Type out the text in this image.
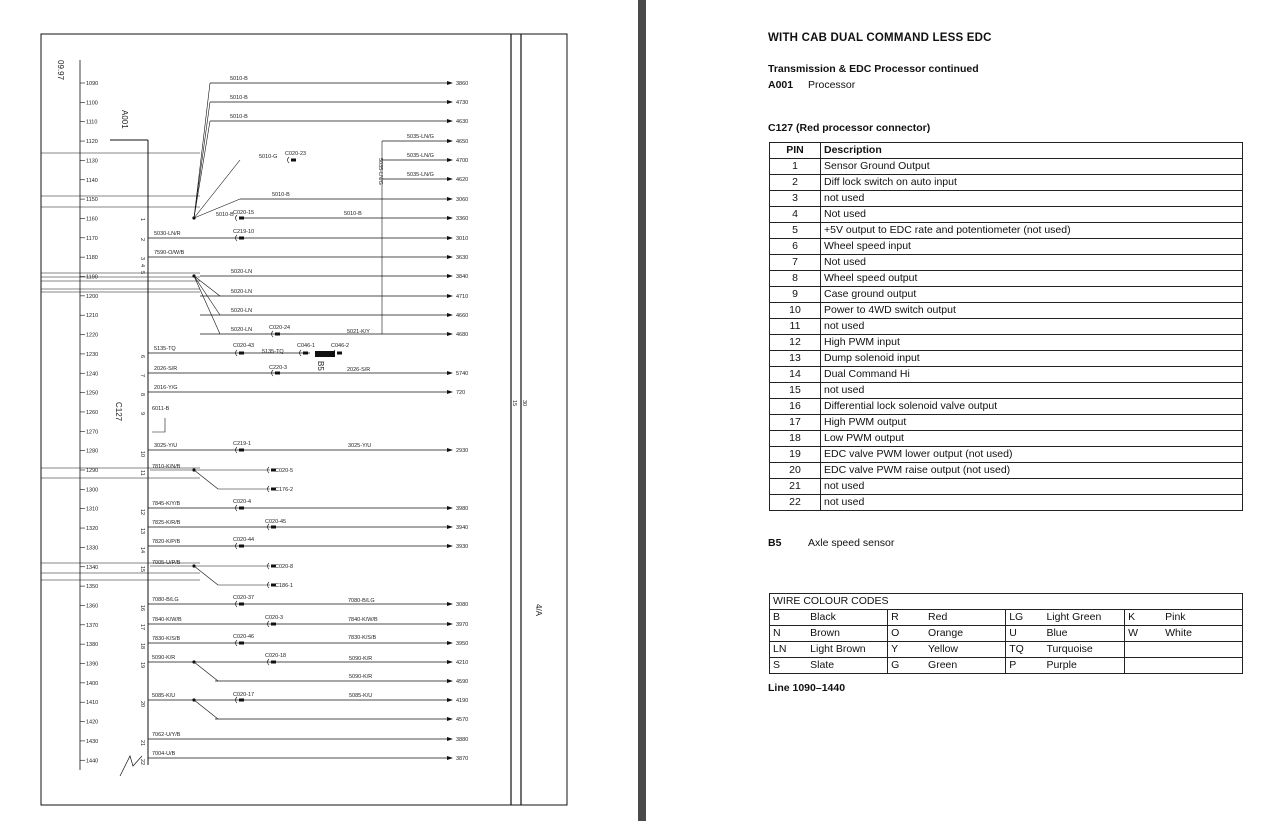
09.97
A001
C127
B5
4/A
15 30
5035-LN/G
5010-G
5010-B
5135-TQ
5021-K/Y
2026-S/R
3025-Y/U
7810-K/N/B
7005-U/P/B
7080-B/LG
7840-K/W/B
7830-K/S/B
5090-K/R
5085-K/U
6011-B
1090
1100
1110
1120
1130
1140
1150
1160
1170
1180
1190
1200
1210
1220
1230
1240
1250
1260
1270
1280
1290
1300
1310
1320
1330
1340
1350
1360
1370
1380
1390
1400
1410
1420
1430
1440
1
2
3
4
5
6
7
8
9
10
11
12
13
14
15
16
17
18
19
20
21
22
3860
5010-B
4730
5010-B
4630
5010-B
4650
5035-LN/G
4700
5035-LN/G
4620
5035-LN/G
3060
5010-B
3360
5010-B
3010
5030-LN/R
3630
7590-O/W/B
3840
5020-LN
4710
5020-LN
4660
5020-LN
4680
5020-LN
5135-TQ
5740
2026-S/R
720
2016-Y/G
2930
3025-Y/U
3980
7845-K/Y/B
3940
7825-K/R/B
3930
7820-K/P/B
3080
7080-B/LG
3970
7840-K/W/B
3950
7830-K/S/B
4210
5090-K/R
4590
5090-K/R
4190
5085-K/U
4570
3880
7062-U/Y/B
3870
7004-U/B
C020-23
C020-15
C219-10
C020-24
C020-43	C046-1	C046-2
C220-3
C219-1
C020-5
C176-2
C020-4
C020-45
C020-44
C020-8
C186-1
C020-37
C020-3
C020-46
C020-18
C020-17
WITH CAB DUAL COMMAND LESS EDC
Transmission & EDC Processor continued
A001 Processor
C127 (Red processor connector)
PIN	Description
1	Sensor Ground Output
2	Diff lock switch on auto input
3	not used
4	Not used
5	+5V output to EDC rate and potentiometer (not used)
6	Wheel speed input
7	Not used
8	Wheel speed output
9	Case ground output
10	Power to 4WD switch output
11	not used
12	High PWM input
13	Dump solenoid input
14	Dual Command Hi
15	not used
16	Differential lock solenoid valve output
17	High PWM output
18	Low PWM output
19	EDC valve PWM lower output (not used)
20	EDC valve PWM raise output (not used)
21	not used
22	not used
B5	Axle speed sensor
WIRE COLOUR CODES							
B	Black	R	Red	LG	Light Green	K	Pink
N	Brown	O	Orange	U	Blue	W	White
LN	Light Brown	Y	Yellow	TQ	Turquoise		
S	Slate	G	Green	P	Purple		
Line 1090–1440
